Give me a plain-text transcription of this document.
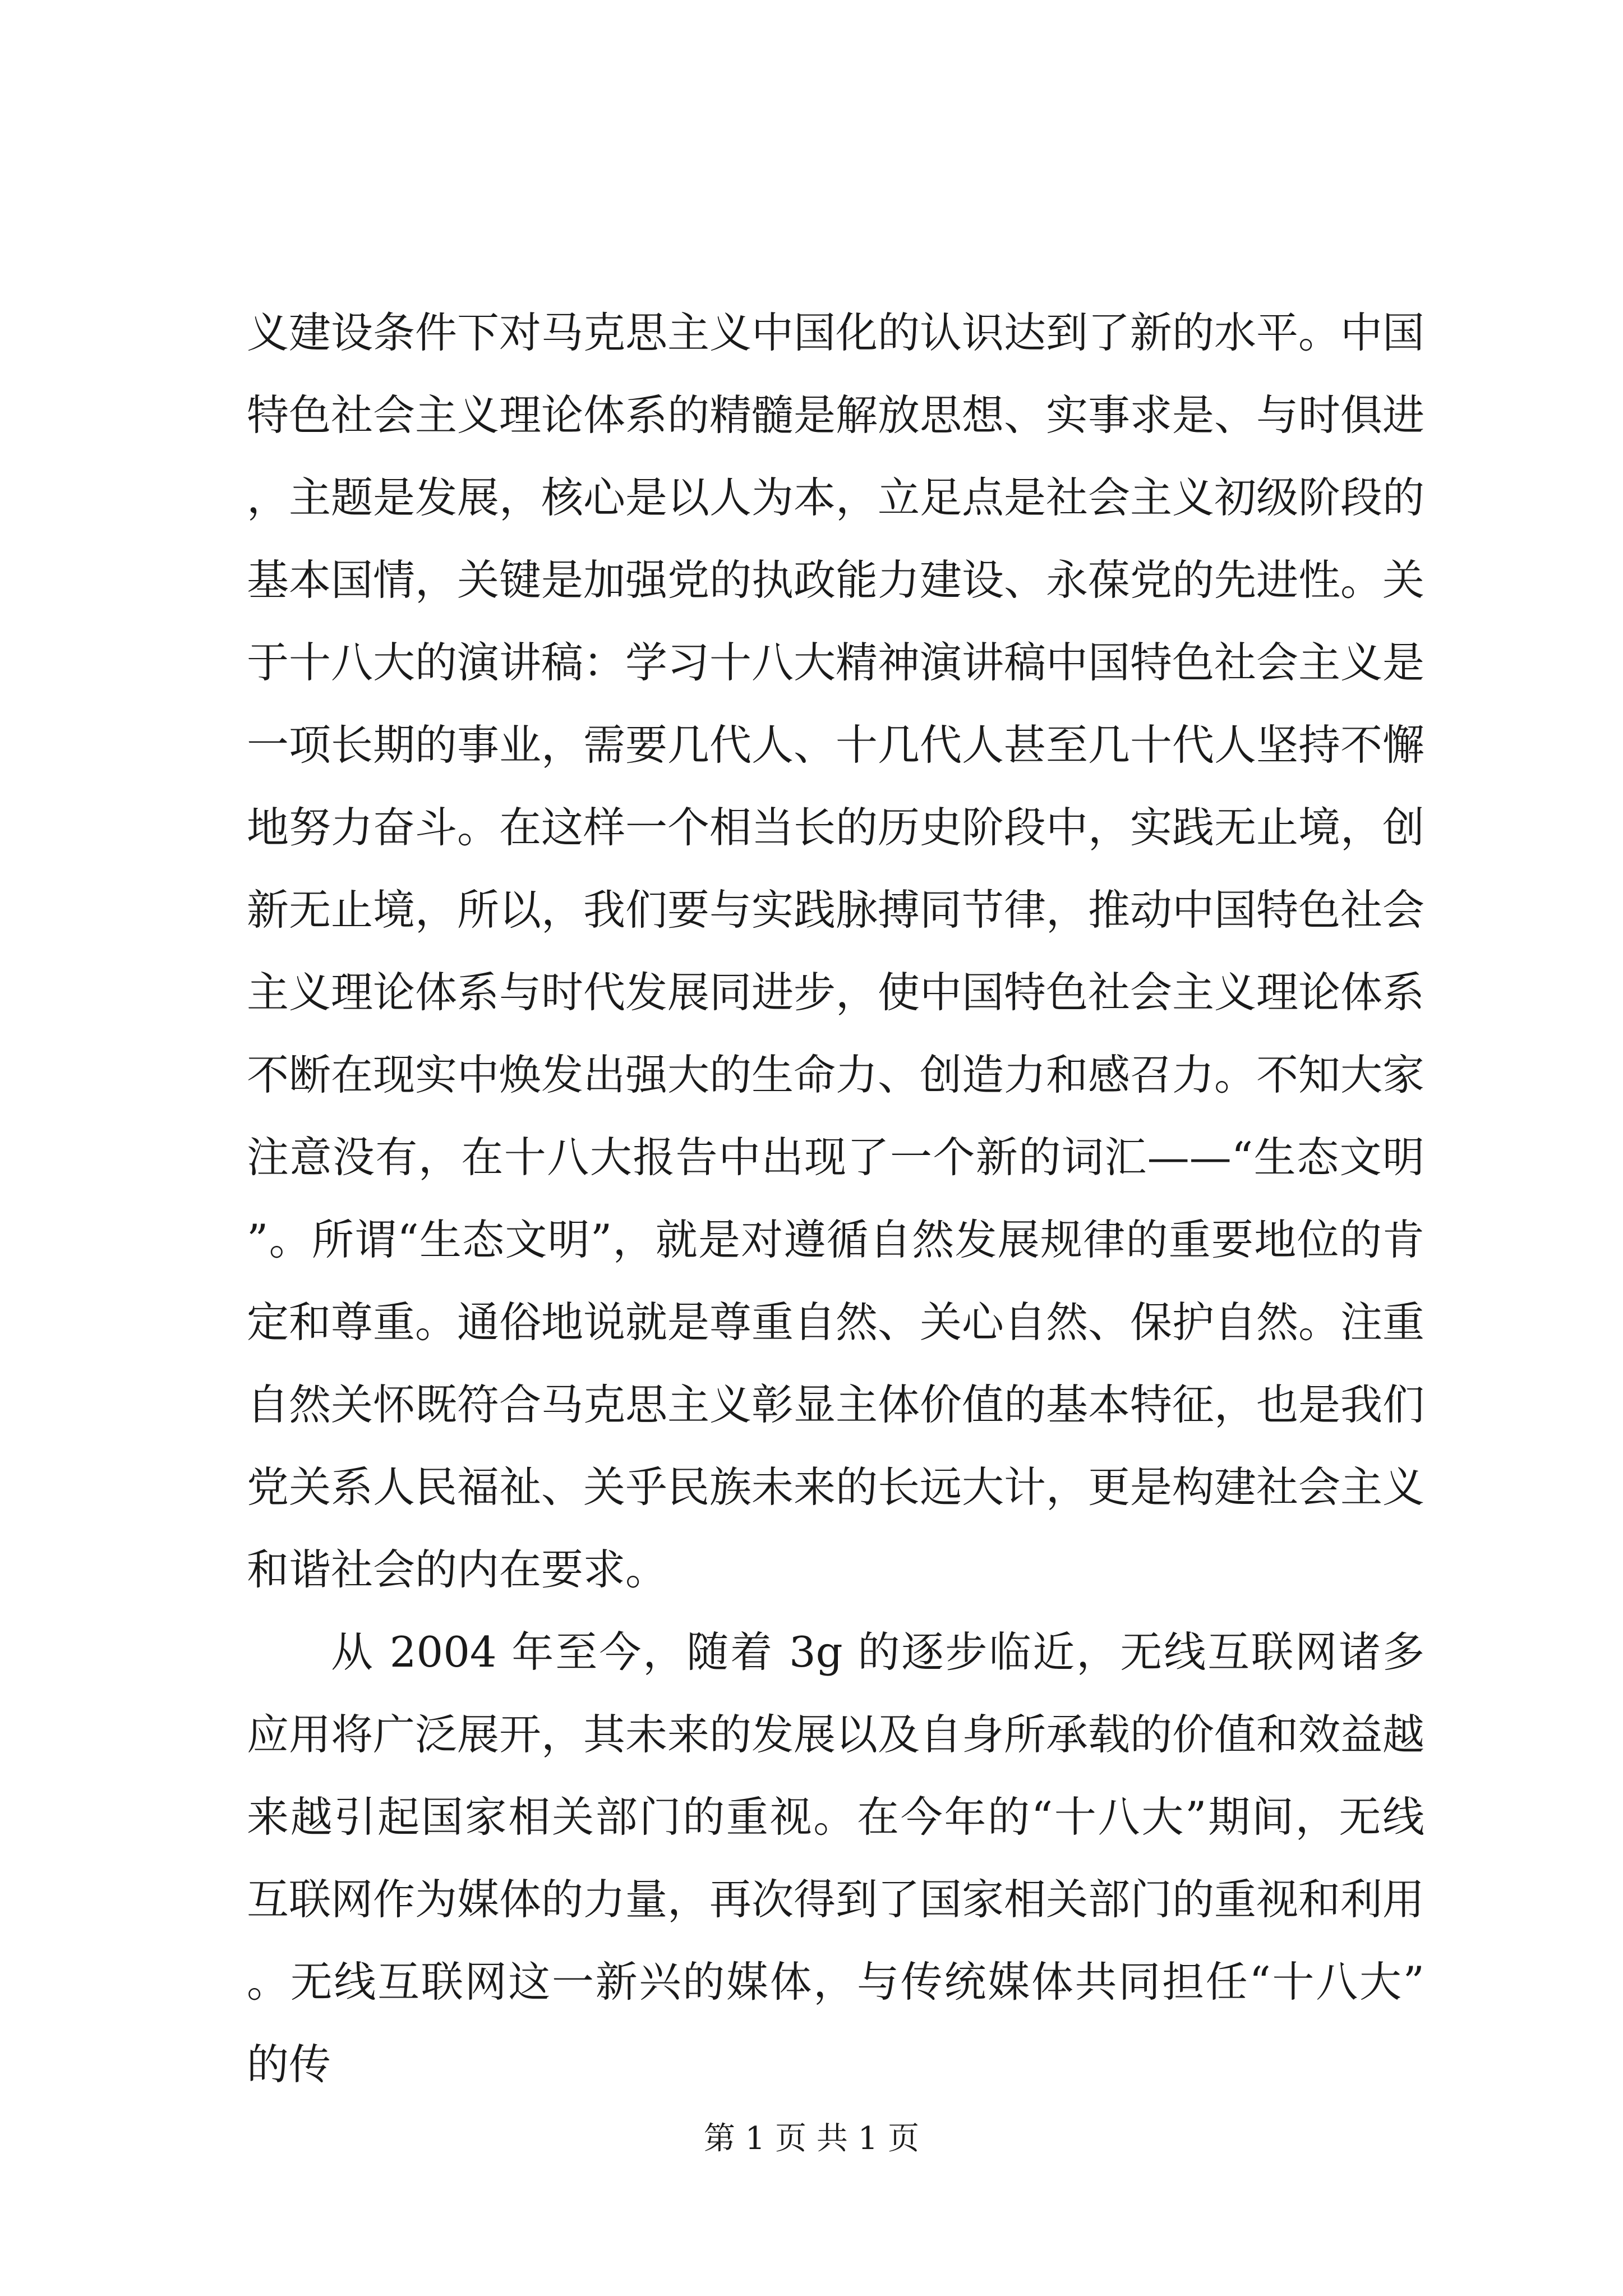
义建设条件下对马克思主义中国化的认识达到了新的水平。中国特色社会主义理论体系的精髓是解放思想、实事求是、与时俱进，主题是发展，核心是以人为本，立足点是社会主义初级阶段的基本国情，关键是加强党的执政能力建设、永葆党的先进性。关于十八大的演讲稿：学习十八大精神演讲稿中国特色社会主义是一项长期的事业，需要几代人、十几代人甚至几十代人坚持不懈地努力奋斗。在这样一个相当长的历史阶段中，实践无止境，创新无止境，所以，我们要与实践脉搏同节律，推动中国特色社会主义理论体系与时代发展同进步，使中国特色社会主义理论体系不断在现实中焕发出强大的生命力、创造力和感召力。不知大家注意没有，在十八大报告中出现了一个新的词汇——“生态文明”。所谓“生态文明”，就是对遵循自然发展规律的重要地位的肯定和尊重。通俗地说就是尊重自然、关心自然、保护自然。注重自然关怀既符合马克思主义彰显主体价值的基本特征，也是我们党关系人民福祉、关乎民族未来的长远大计，更是构建社会主义和谐社会的内在要求。

从 2004 年至今，随着 3g 的逐步临近，无线互联网诸多应用将广泛展开，其未来的发展以及自身所承载的价值和效益越来越引起国家相关部门的重视。在今年的“十八大”期间，无线互联网作为媒体的力量，再次得到了国家相关部门的重视和利用。无线互联网这一新兴的媒体，与传统媒体共同担任“十八大”的传

第 1 页 共 1 页
